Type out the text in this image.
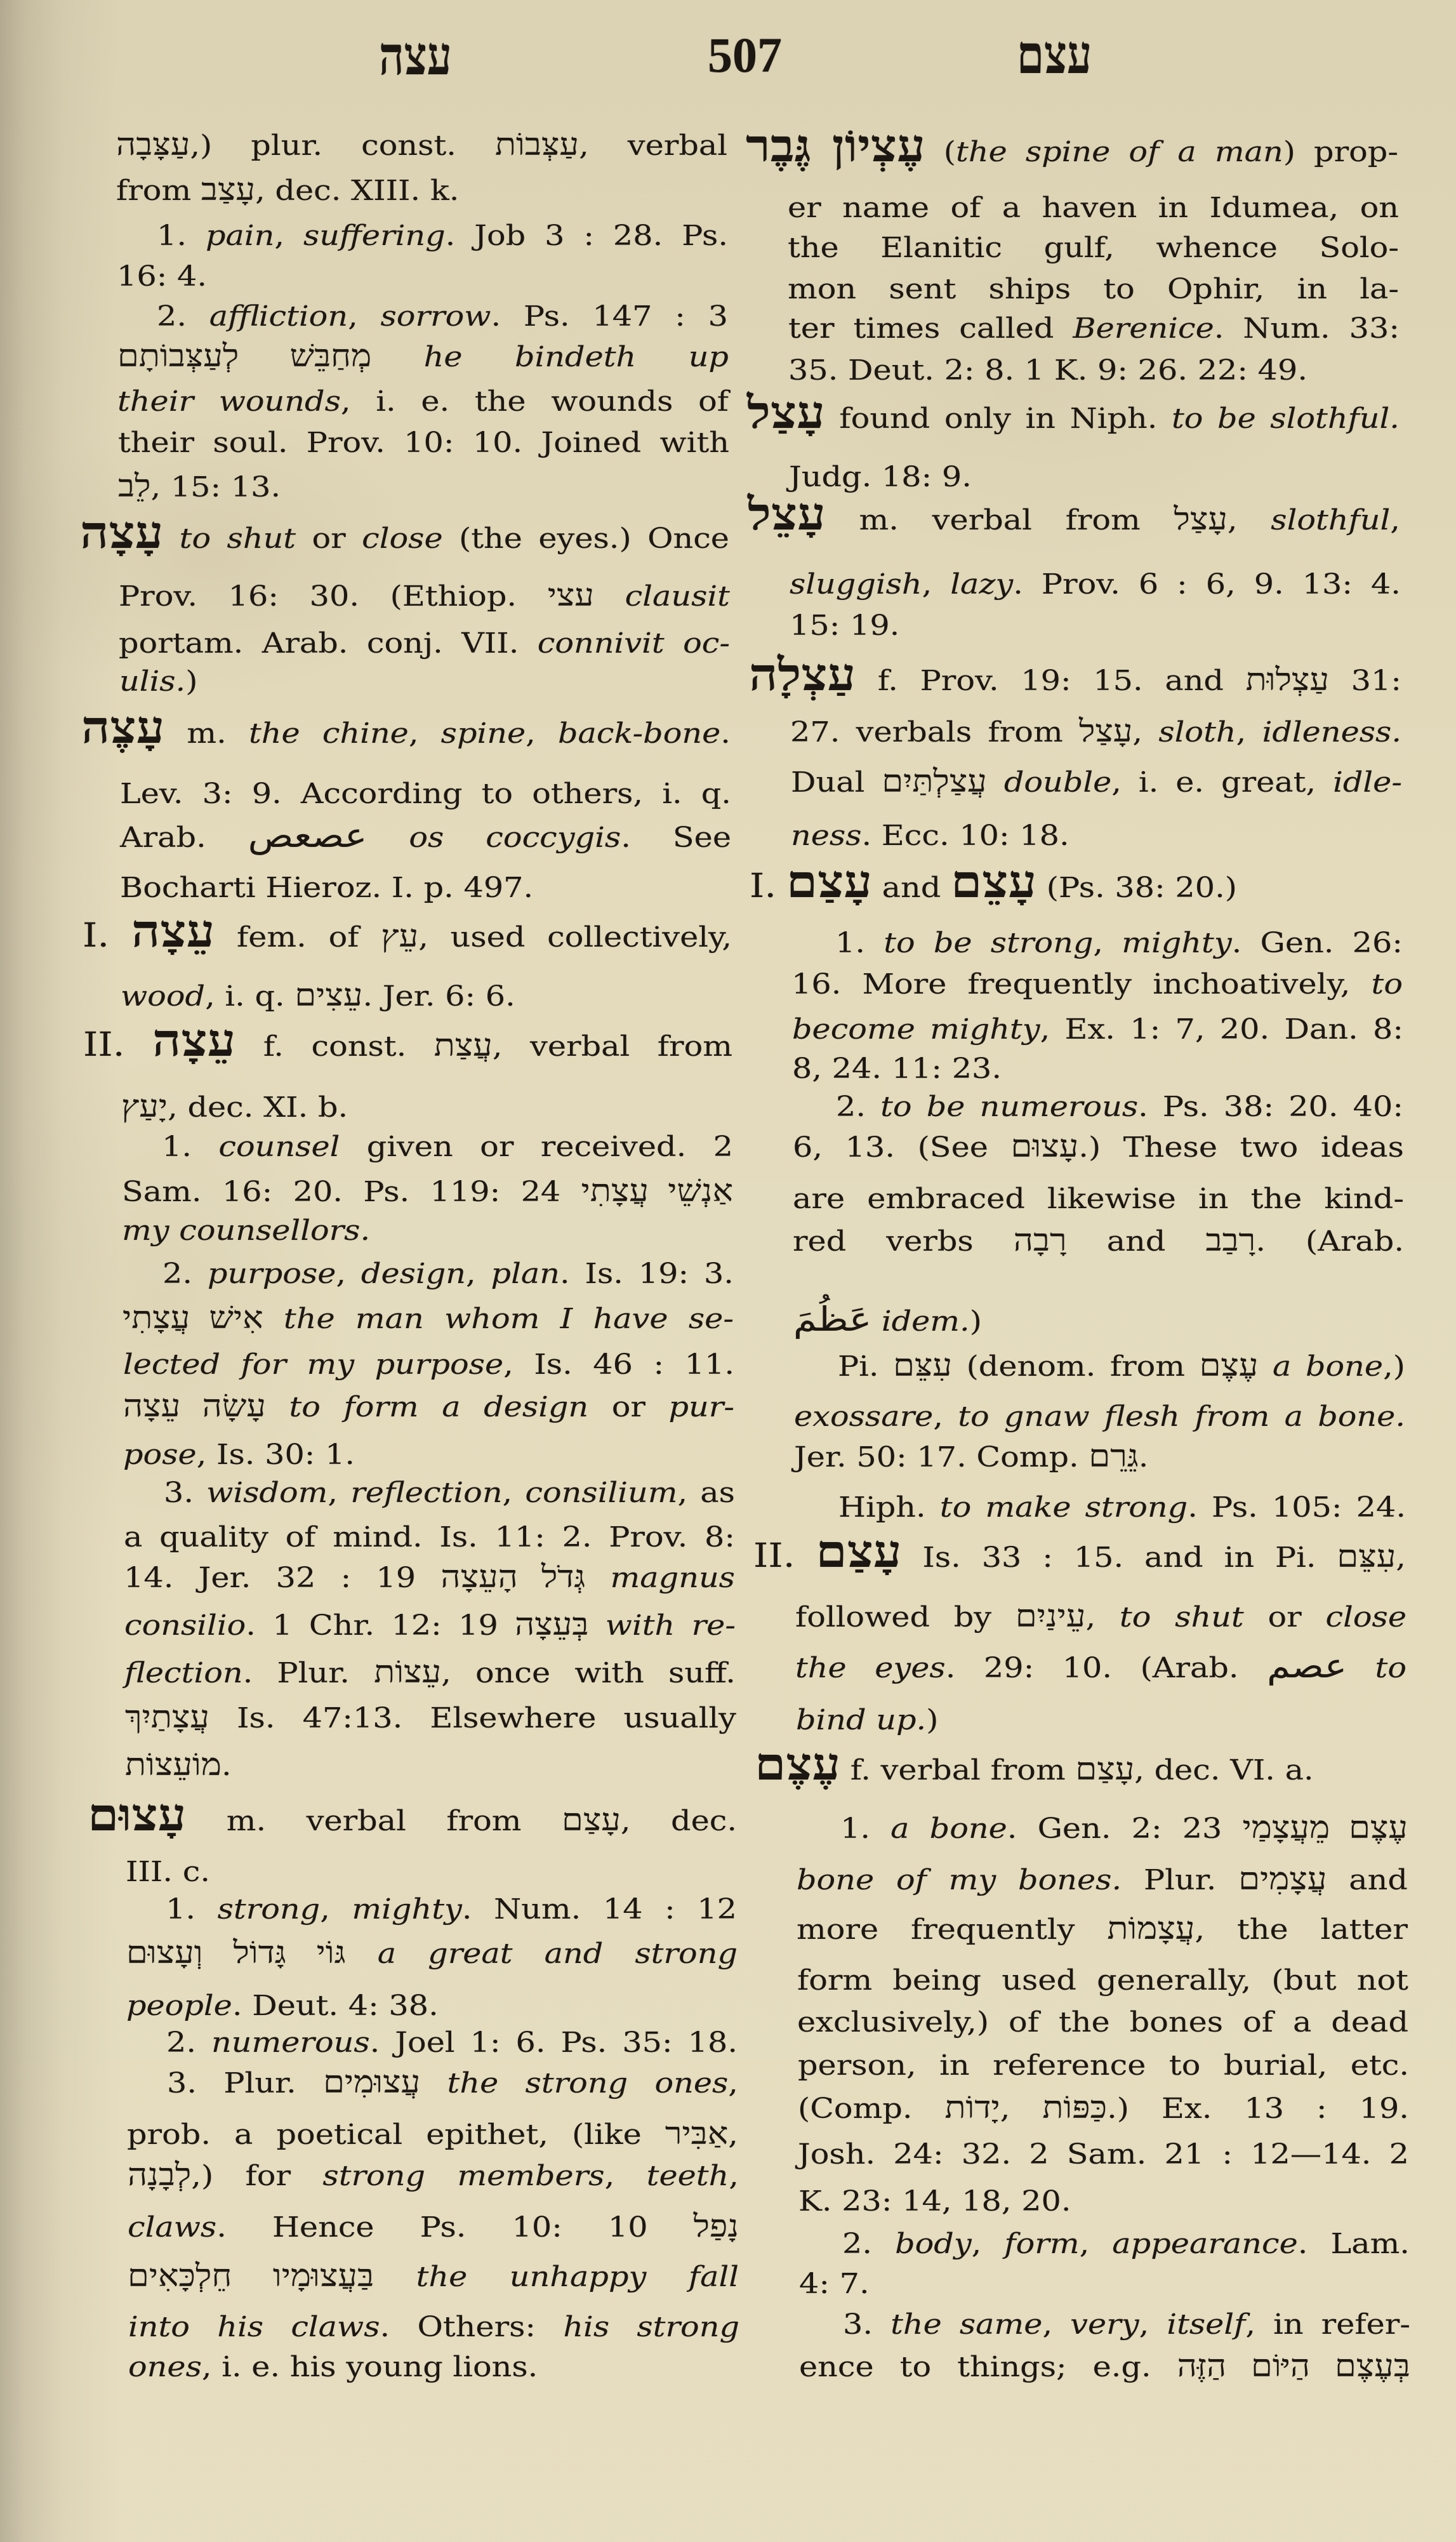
עצה	507	עצם
עַצָּבָה,) plur. const. עַצְּבוֹת, verbal
from עָצַב, dec. XIII. k.
1. pain, suffering. Job 3 : 28. Ps.
16: 4.
2. affliction, sorrow. Ps. 147 : 3
מְחַבֵּשׁ לְעַצְּבוֹתָם he bindeth up
their wounds, i. e. the wounds of
their soul. Prov. 10: 10. Joined with
לֵב, 15: 13.
עָצָה to shut or close (the eyes.) Once
Prov. 16: 30. (Ethiop. עצי clausit
portam. Arab. conj. VII. connivit oc-
ulis.)
עָצֶה m. the chine, spine, back-bone.
Lev. 3: 9. According to others, i. q.
Arab. عصعص os coccygis. See
Bocharti Hieroz. I. p. 497.
I. עֵצָה fem. of עֵץ, used collectively,
wood, i. q. עֵצִים. Jer. 6: 6.
II. עֵצָה f. const. עֲצַת, verbal from
יָעַץ, dec. XI. b.
1. counsel given or received. 2
Sam. 16: 20. Ps. 119: 24 אַנְשֵׁי עֲצָתִי
my counsellors.
2. purpose, design, plan. Is. 19: 3.
אִישׁ עֲצָתִי the man whom I have se-
lected for my purpose, Is. 46 : 11.
עָשָׂה עֵצָה to form a design or pur-
pose, Is. 30: 1.
3. wisdom, reflection, consilium, as
a quality of mind. Is. 11: 2. Prov. 8:
14. Jer. 32 : 19 גְּדֹל הָעֵצָה magnus
consilio. 1 Chr. 12: 19 בְּעֵצָה with re-
flection. Plur. עֵצוֹת, once with suff.
עֲצָתַיִךְ Is. 47:13. Elsewhere usually
מוֹעֵצוֹת.
עָצוּם m. verbal from עָצַם, dec.
III. c.
1. strong, mighty. Num. 14 : 12
גּוֹי גָּדוֹל וְעָצוּם a great and strong
people. Deut. 4: 38.
2. numerous. Joel 1: 6. Ps. 35: 18.
3. Plur. עֲצוּמִים the strong ones,
prob. a poetical epithet, (like אַבִּיר,
לְבָנָה,) for strong members, teeth,
claws. Hence Ps. 10: 10 נָפַל
בַּעֲצוּמָיו חֵלְכָּאִים the unhappy fall
into his claws. Others: his strong
ones, i. e. his young lions.
עֶצְיוֹן גֶּבֶר (the spine of a man) prop-
er name of a haven in Idumea, on
the Elanitic gulf, whence Solo-
mon sent ships to Ophir, in la-
ter times called Berenice. Num. 33:
35. Deut. 2: 8. 1 K. 9: 26. 22: 49.
עָצַל found only in Niph. to be slothful.
Judg. 18: 9.
עָצֵל m. verbal from עָצַל, slothful,
sluggish, lazy. Prov. 6 : 6, 9. 13: 4.
15: 19.
עַצְלָה f. Prov. 19: 15. and עַצְלוּת 31:
27. verbals from עָצַל, sloth, idleness.
Dual עֲצַלְתַּיִם double, i. e. great, idle-
ness. Ecc. 10: 18.
I. עָצַם and עָצֵם (Ps. 38: 20.)
1. to be strong, mighty. Gen. 26:
16. More frequently inchoatively, to
become mighty, Ex. 1: 7, 20. Dan. 8:
8, 24. 11: 23.
2. to be numerous. Ps. 38: 20. 40:
6, 13. (See עָצוּם.) These two ideas
are embraced likewise in the kind-
red verbs רָבָה and רָבַב. (Arab.
عَظُمَ idem.)
Pi. עִצֵּם (denom. from עֶצֶם a bone,)
exossare, to gnaw flesh from a bone.
Jer. 50: 17. Comp. גֵּרֵם.
Hiph. to make strong. Ps. 105: 24.
II. עָצַם Is. 33 : 15. and in Pi. עִצֵּם,
followed by עֵינַיִם, to shut or close
the eyes. 29: 10. (Arab. عصم to
bind up.)
עֶצֶם f. verbal from עָצַם, dec. VI. a.
1. a bone. Gen. 2: 23 עֶצֶם מֵעֲצָמַי
bone of my bones. Plur. עֲצָמִים and
more frequently עֲצָמוֹת, the latter
form being used generally, (but not
exclusively,) of the bones of a dead
person, in reference to burial, etc.
(Comp. יָדוֹת, כַּפּוֹת.) Ex. 13 : 19.
Josh. 24: 32. 2 Sam. 21 : 12—14. 2
K. 23: 14, 18, 20.
2. body, form, appearance. Lam.
4: 7.
3. the same, very, itself, in refer-
ence to things; e.g. בְּעֶצֶם הַיּוֹם הַזֶּה
